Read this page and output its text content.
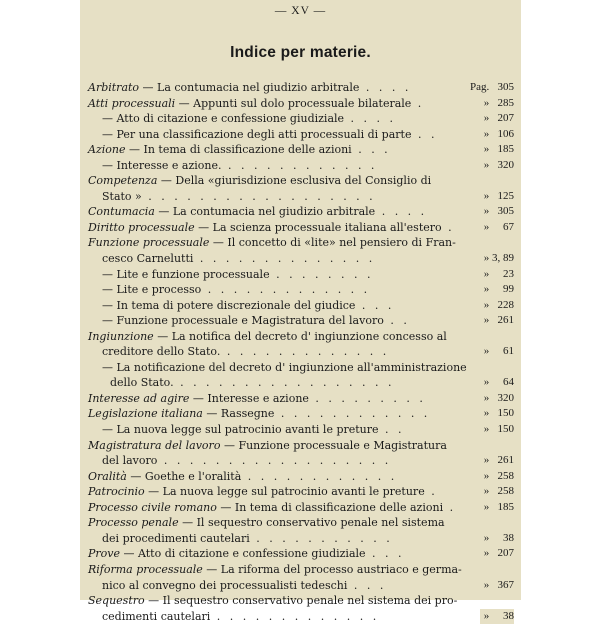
— XV —
Indice per materie.
Arbitrato — La contumacia nel giudizio arbitrale . . . .	Pag. 305
Atti processuali — Appunti sul dolo processuale bilaterale .	» 285
— Atto di citazione e confessione giudiziale . . . .	» 207
— Per una classificazione degli atti processuali di parte . .	» 106
Azione — In tema di classificazione delle azioni . . .	» 185
— Interesse e azione. . . . . . . . . . . . .	» 320
Competenza — Della «giurisdizione esclusiva del Consiglio di
Stato » . . . . . . . . . . . . . . . . . .	» 125
Contumacia — La contumacia nel giudizio arbitrale . . . .	» 305
Diritto processuale — La scienza processuale italiana all'estero .	» 67
Funzione processuale — Il concetto di «lite» nel pensiero di Fran-
cesco Carnelutti . . . . . . . . . . . . . .	» 3, 89
— Lite e funzione processuale . . . . . . . .	» 23
— Lite e processo . . . . . . . . . . . . .	» 99
— In tema di potere discrezionale del giudice . . .	» 228
— Funzione processuale e Magistratura del lavoro . .	» 261
Ingiunzione — La notifica del decreto d' ingiunzione concesso al
creditore dello Stato. . . . . . . . . . . . . .	» 61
— La notificazione del decreto d' ingiunzione all'amministrazione
dello Stato. . . . . . . . . . . . . . . . . .	» 64
Interesse ad agire — Interesse e azione . . . . . . . . .	» 320
Legislazione italiana — Rassegne . . . . . . . . . . . .	» 150
— La nuova legge sul patrocinio avanti le preture . .	» 150
Magistratura del lavoro — Funzione processuale e Magistratura
del lavoro . . . . . . . . . . . . . . . . . .	» 261
Oralità — Goethe e l'oralità . . . . . . . . . . . .	» 258
Patrocinio — La nuova legge sul patrocinio avanti le preture .	» 258
Processo civile romano — In tema di classificazione delle azioni .	» 185
Processo penale — Il sequestro conservativo penale nel sistema
dei procedimenti cautelari . . . . . . . . . . .	» 38
Prove — Atto di citazione e confessione giudiziale . . .	» 207
Riforma processuale — La riforma del processo austriaco e germa-
nico al convegno dei processualisti tedeschi . . .	» 367
Sequestro — Il sequestro conservativo penale nel sistema dei pro-
cedimenti cautelari . . . . . . . . . . . . .	» 38
